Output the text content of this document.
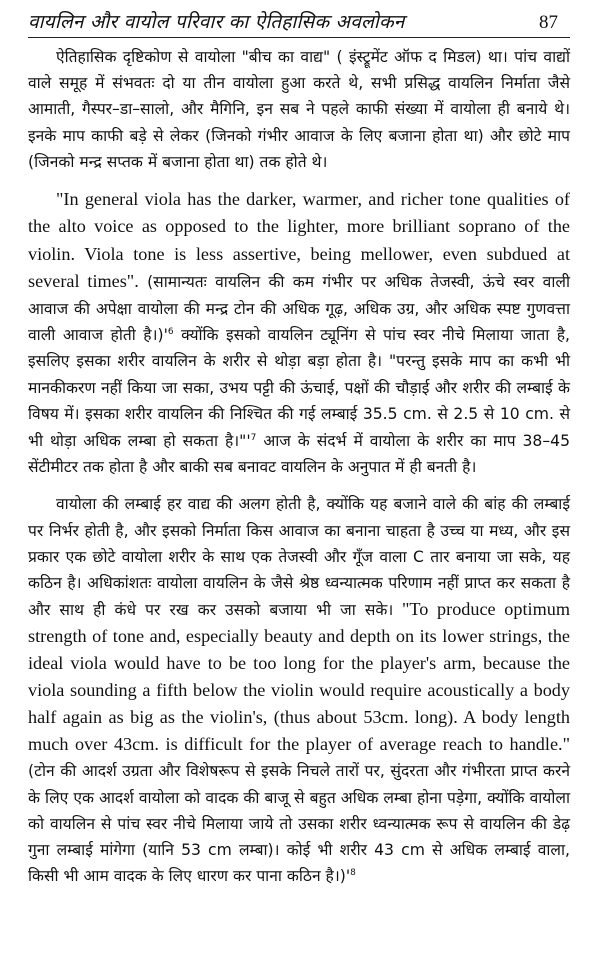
वायलिन और वायोल परिवार का ऐतिहासिक अवलोकन	87

ऐतिहासिक दृष्टिकोण से वायोला "बीच का वाद्य" ( इंस्ट्रूमेंट ऑफ द मिडल) था। पांच वाद्यों वाले समूह में संभवतः दो या तीन वायोला हुआ करते थे, सभी प्रसिद्ध वायलिन निर्माता जैसे आमाती, गैस्पर–डा–सालो, और मैगिनि, इन सब ने पहले काफी संख्या में वायोला ही बनाये थे। इनके माप काफी बड़े से लेकर (जिनको गंभीर आवाज के लिए बजाना होता था) और छोटे माप (जिनको मन्द्र सप्तक में बजाना होता था) तक होते थे।

"In general viola has the darker, warmer, and richer tone qualities of the alto voice as opposed to the lighter, more brilliant soprano of the violin. Viola tone is less assertive, being mellower, even subdued at several times". (सामान्यतः वायलिन की कम गंभीर पर अधिक तेजस्वी, ऊंचे स्वर वाली आवाज की अपेक्षा वायोला की मन्द्र टोन की अधिक गूढ़, अधिक उग्र, और अधिक स्पष्ट गुणवत्ता वाली आवाज होती $है।)'^6$ क्योंकि इसको वायलिन ट्यूनिंग से पांच स्वर नीचे मिलाया जाता है, इसलिए इसका शरीर वायलिन के शरीर से थोड़ा बड़ा होता है। "परन्तु इसके माप का कभी भी मानकीकरण नहीं किया जा सका, उभय पट्टी की ऊंचाई, पक्षों की चौड़ाई और शरीर की लम्बाई के विषय में। इसका शरीर वायलिन की निश्चित की गई लम्बाई 35.5 cm. से 2.5 से 10 cm. से भी थोड़ा अधिक लम्बा हो सकता $है।"'^7$ आज के संदर्भ में वायोला के शरीर का माप 38–45 सेंटीमीटर तक होता है और बाकी सब बनावट वायलिन के अनुपात में ही बनती है।

वायोला की लम्बाई हर वाद्य की अलग होती है, क्योंकि यह बजाने वाले की बांह की लम्बाई पर निर्भर होती है, और इसको निर्माता किस आवाज का बनाना चाहता है उच्च या मध्य, और इस प्रकार एक छोटे वायोला शरीर के साथ एक तेजस्वी और गूँज वाला C तार बनाया जा सके, यह कठिन है। अधिकांशतः वायोला वायलिन के जैसे श्रेष्ठ ध्वन्यात्मक परिणाम नहीं प्राप्त कर सकता है और साथ ही कंधे पर रख कर उसको बजाया भी जा सके। "To produce optimum strength of tone and, especially beauty and depth on its lower strings, the ideal viola would have to be too long for the player's arm, because the viola sounding a fifth below the violin would require acoustically a body half again as big as the violin's, (thus about 53cm. long). A body length much over 43cm. is difficult for the player of average reach to handle." (टोन की आदर्श उग्रता और विशेषरूप से इसके निचले तारों पर, सुंदरता और गंभीरता प्राप्त करने के लिए एक आदर्श वायोला को वादक की बाजू से बहुत अधिक लम्बा होना पड़ेगा, क्योंकि वायोला को वायलिन से पांच स्वर नीचे मिलाया जाये तो उसका शरीर ध्वन्यात्मक रूप से वायलिन की डेढ़ गुना लम्बाई मांगेगा (यानि 53 cm लम्बा)। कोई भी शरीर 43 cm से अधिक लम्बाई वाला, किसी भी आम वादक के लिए धारण कर पाना कठिन $है।)'^8$
